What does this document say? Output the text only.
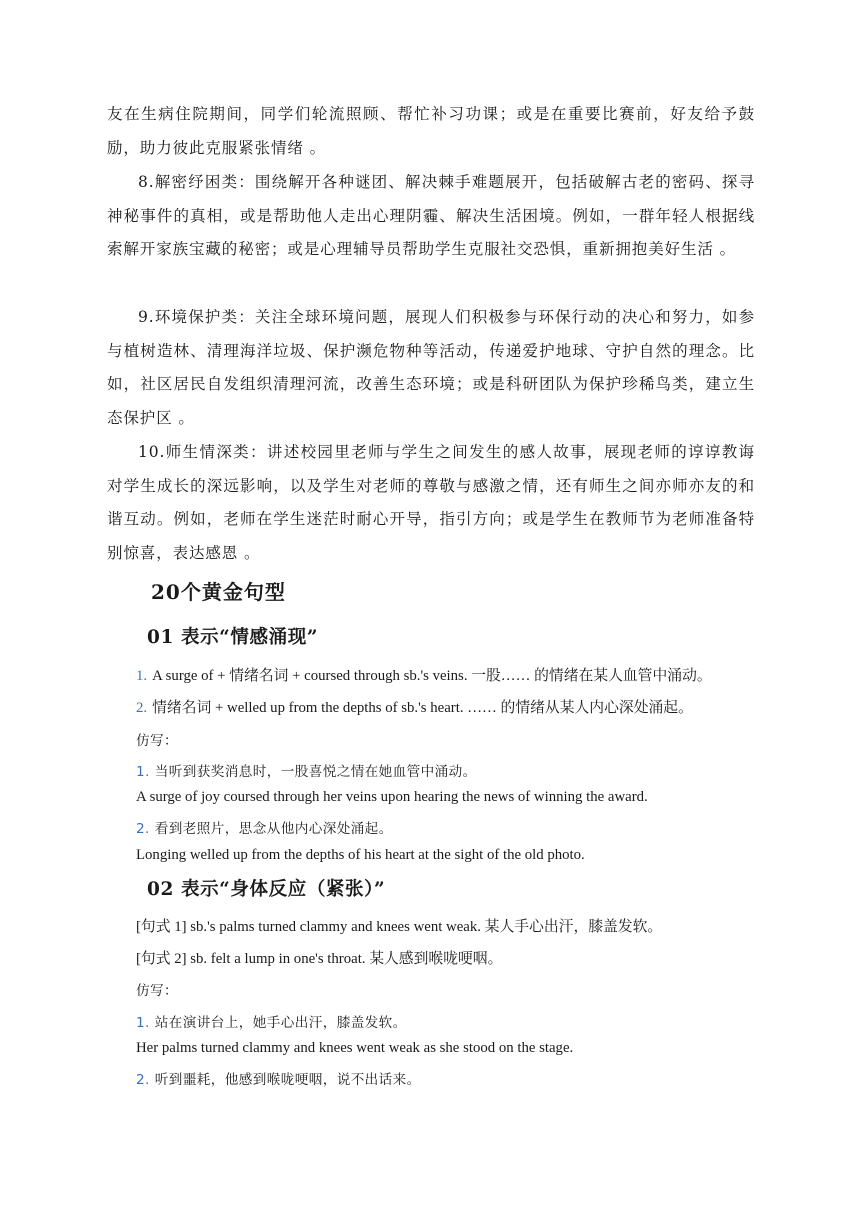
友在生病住院期间，同学们轮流照顾、帮忙补习功课；或是在重要比赛前，好友给予鼓励，助力彼此克服紧张情绪 。

8.解密纾困类：围绕解开各种谜团、解决棘手难题展开，包括破解古老的密码、探寻神秘事件的真相，或是帮助他人走出心理阴霾、解决生活困境。例如，一群年轻人根据线索解开家族宝藏的秘密；或是心理辅导员帮助学生克服社交恐惧，重新拥抱美好生活 。

9.环境保护类：关注全球环境问题，展现人们积极参与环保行动的决心和努力，如参与植树造林、清理海洋垃圾、保护濒危物种等活动，传递爱护地球、守护自然的理念。比如，社区居民自发组织清理河流，改善生态环境；或是科研团队为保护珍稀鸟类，建立生态保护区 。

10.师生情深类：讲述校园里老师与学生之间发生的感人故事，展现老师的谆谆教诲对学生成长的深远影响，以及学生对老师的尊敬与感激之情，还有师生之间亦师亦友的和谐互动。例如，老师在学生迷茫时耐心开导，指引方向；或是学生在教师节为老师准备特别惊喜，表达感恩 。

20个黄金句型
01 表示“情感涌现”

1. A surge of + 情绪名词 + coursed through sb.'s veins. 一股…… 的情绪在某人血管中涌动。

2. 情绪名词 + welled up from the depths of sb.'s heart. …… 的情绪从某人内心深处涌起。

仿写：

1. 当听到获奖消息时，一股喜悦之情在她血管中涌动。

A surge of joy coursed through her veins upon hearing the news of winning the award.

2. 看到老照片，思念从他内心深处涌起。

Longing welled up from the depths of his heart at the sight of the old photo.

02 表示“身体反应（紧张）”

[句式 1] sb.'s palms turned clammy and knees went weak. 某人手心出汗，膝盖发软。

[句式 2] sb. felt a lump in one's throat. 某人感到喉咙哽咽。

仿写：

1. 站在演讲台上，她手心出汗，膝盖发软。

Her palms turned clammy and knees went weak as she stood on the stage.

2. 听到噩耗，他感到喉咙哽咽，说不出话来。
